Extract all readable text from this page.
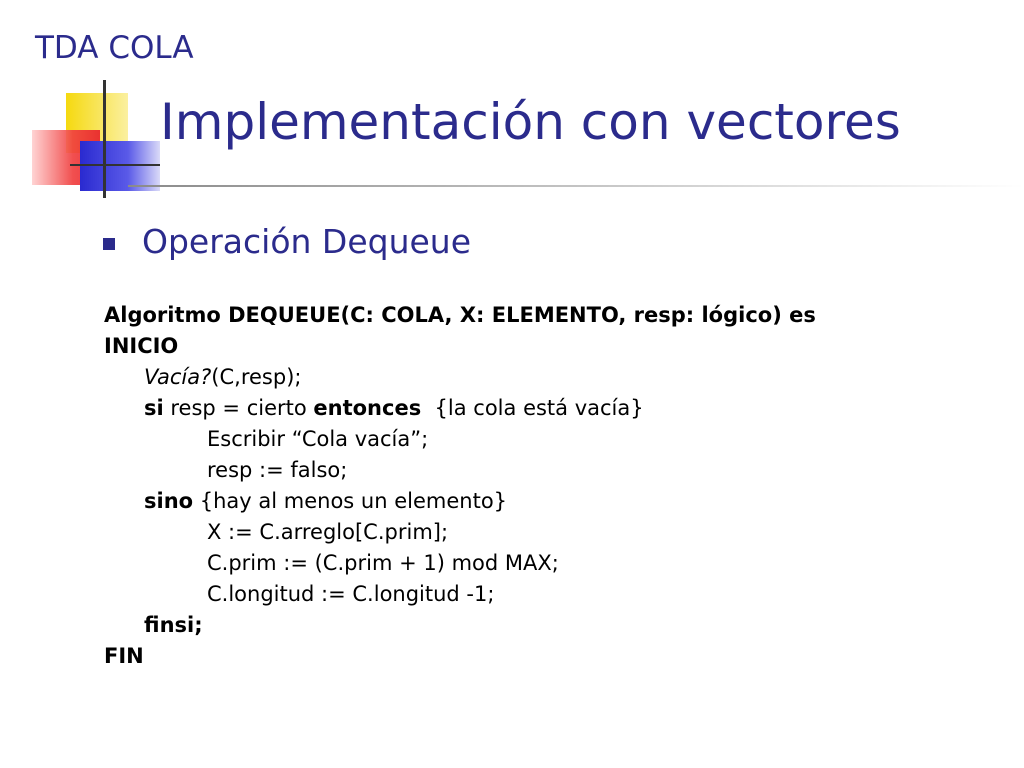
TDA COLA
Implementación con vectores
Operación Dequeue
Algoritmo DEQUEUE(C: COLA, X: ELEMENTO, resp: lógico) es
INICIO
Vacía?(C,resp);
si resp = cierto entonces  {la cola está vacía}
Escribir “Cola vacía”;
resp := falso;
sino {hay al menos un elemento}
X := C.arreglo[C.prim];
C.prim := (C.prim + 1) mod MAX;
C.longitud := C.longitud -1;
finsi;
FIN
